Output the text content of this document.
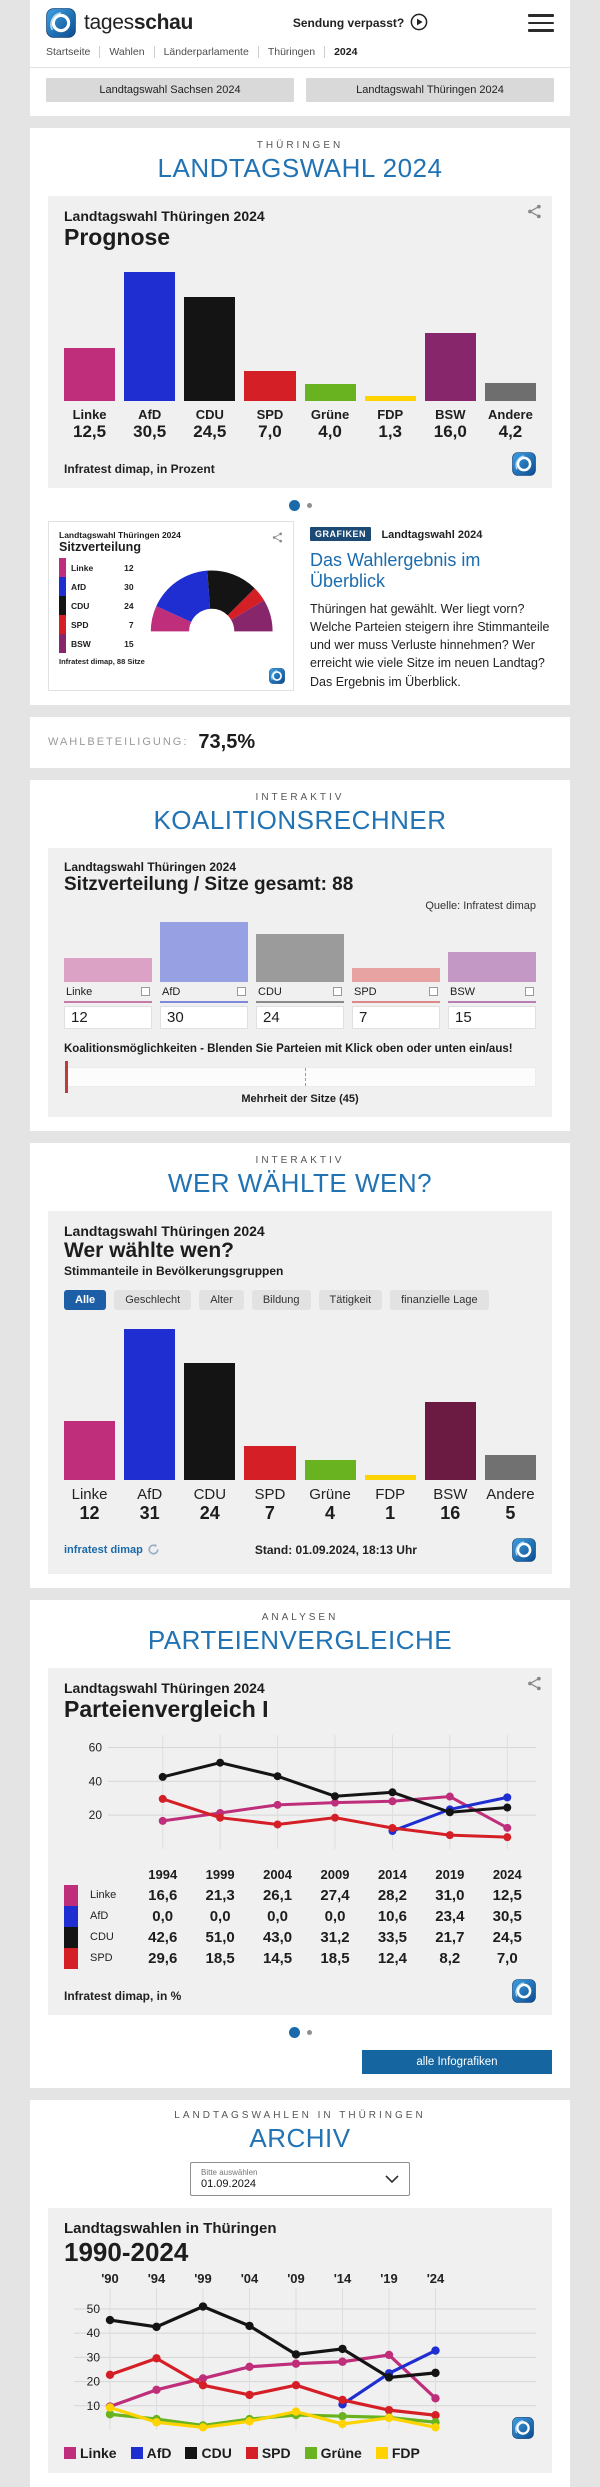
tagesschau	Sendung verpasst?
Startseite	Wahlen	Länderparlamente	Thüringen	2024
Landtagswahl Sachsen 2024	Landtagswahl Thüringen 2024
THÜRINGEN
LANDTAGSWAHL 2024
Landtagswahl Thüringen 2024
Prognose
Linke
12,5
AfD
30,5
CDU
24,5
SPD
7,0
Grüne
4,0
FDP
1,3
BSW
16,0
Andere
4,2
Infratest dimap, in Prozent
Landtagswahl Thüringen 2024
Sitzverteilung
Linke	12
AfD	30
CDU	24
SPD	7
BSW	15
Infratest dimap, 88 Sitze
GRAFIKEN Landtagswahl 2024
Das Wahlergebnis im Überblick

Thüringen hat gewählt. Wer liegt vorn? Welche Parteien steigern ihre Stimmanteile und wer muss Verluste hinnehmen? Wer erreicht wie viele Sitze im neuen Landtag? Das Ergebnis im Überblick.

WAHLBETEILIGUNG: 73,5%
INTERAKTIV
KOALITIONSRECHNER
Landtagswahl Thüringen 2024
Sitzverteilung / Sitze gesamt: 88
Quelle: Infratest dimap
Linke
12
AfD
30
CDU
24
SPD
7
BSW
15
Koalitionsmöglichkeiten - Blenden Sie Parteien mit Klick oben oder unten ein/aus!
Mehrheit der Sitze (45)
INTERAKTIV
WER WÄHLTE WEN?
Landtagswahl Thüringen 2024
Wer wählte wen?
Stimmanteile in Bevölkerungsgruppen
Alle	Geschlecht	Alter	Bildung	Tätigkeit	finanzielle Lage
Linke
12
AfD
31
CDU
24
SPD
7
Grüne
4
FDP
1
BSW
16
Andere
5
infratest dimap	Stand: 01.09.2024, 18:13 Uhr
ANALYSEN
PARTEIENVERGLEICHE
Landtagswahl Thüringen 2024
Parteienvergleich I
20
40
60
1994	1999	2004	2009	2014	2019	2024
Linke	16,6	21,3	26,1	27,4	28,2	31,0	12,5
AfD	0,0	0,0	0,0	0,0	10,6	23,4	30,5
CDU	42,6	51,0	43,0	31,2	33,5	21,7	24,5
SPD	29,6	18,5	14,5	18,5	12,4	8,2	7,0
Infratest dimap, in %
alle Infografiken
LANDTAGSWAHLEN IN THÜRINGEN
ARCHIV
Bitte auswählen
01.09.2024
Landtagswahlen in Thüringen
1990-2024
10
20
30
40
50
'90 '94 '99 '04 '09 '14 '19 '24
Linke AfD CDU SPD Grüne FDP
